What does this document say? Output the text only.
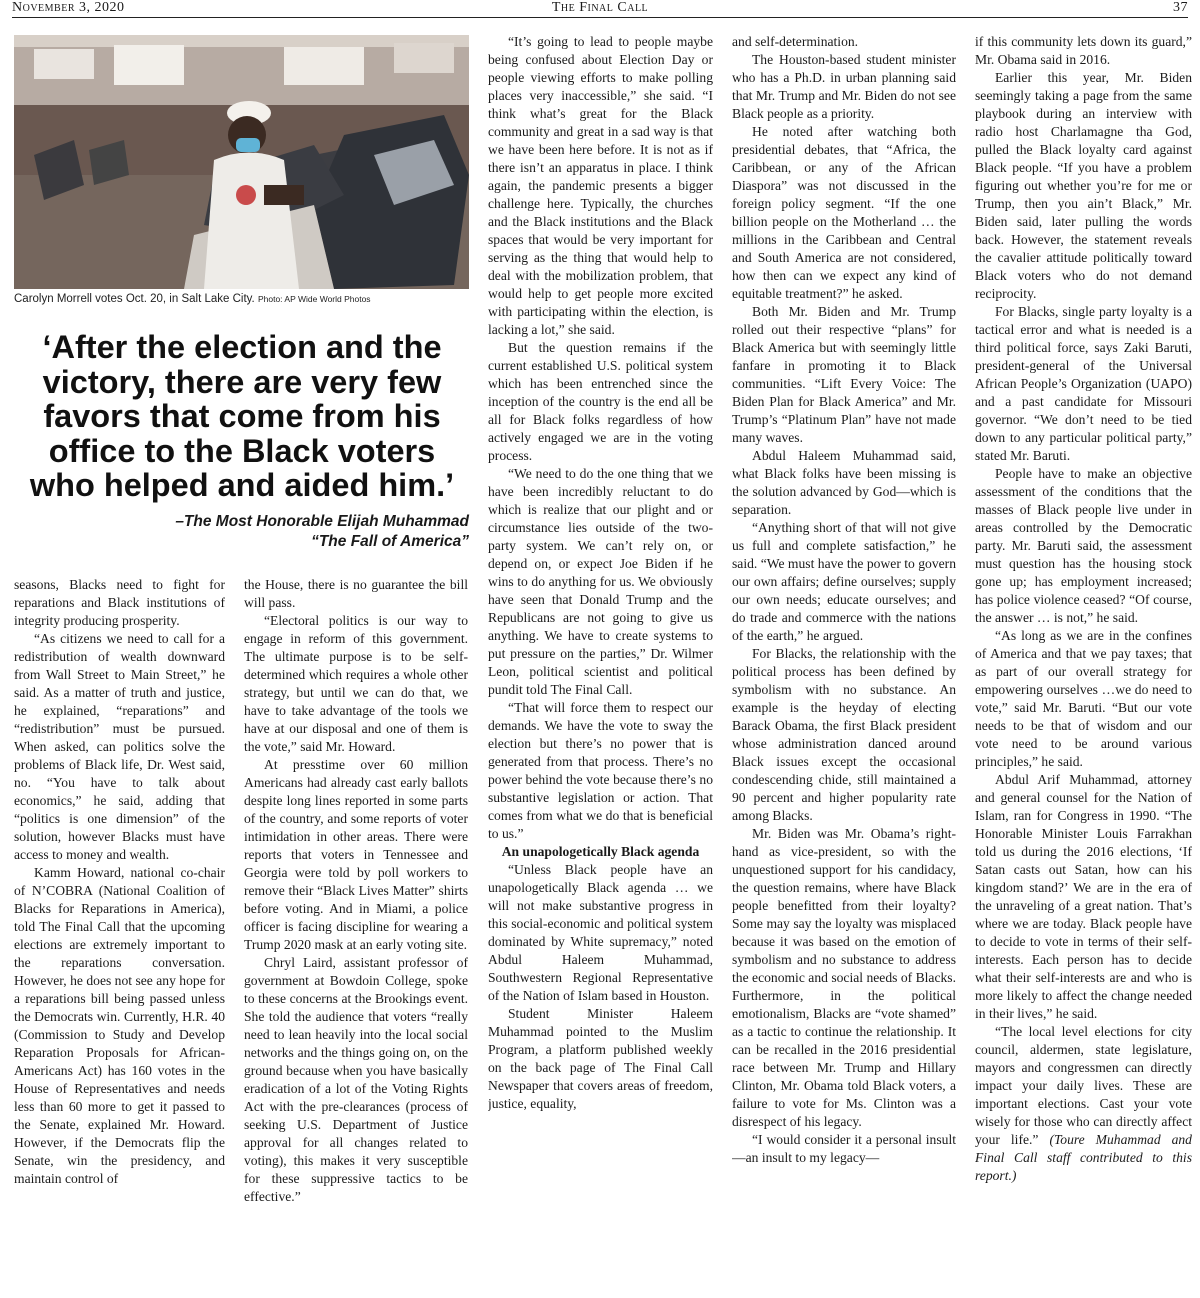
November 3, 2020	The Final Call	37
Carolyn Morrell votes Oct. 20, in Salt Lake City. Photo: AP Wide World Photos
‘After the election and the victory, there are very few favors that come from his office to the Black voters who helped and aided him.’
–The Most Honorable Elijah Muhammad
“The Fall of America”

seasons, Blacks need to fight for reparations and Black institutions of integrity producing prosperity.

“As citizens we need to call for a redistribution of wealth downward from Wall Street to Main Street,” he said. As a matter of truth and justice, he explained, “reparations” and “redistribution” must be pursued. When asked, can politics solve the problems of Black life, Dr. West said, no. “You have to talk about economics,” he said, adding that “politics is one dimension” of the solution, however Blacks must have access to money and wealth.

Kamm Howard, national co-chair of N’COBRA (National Coalition of Blacks for Reparations in America), told The Final Call that the upcoming elections are extremely important to the reparations conversation. However, he does not see any hope for a reparations bill being passed unless the Democrats win. Currently, H.R. 40 (Commission to Study and Develop Reparation Proposals for African-Americans Act) has 160 votes in the House of Representatives and needs less than 60 more to get it passed to the Senate, explained Mr. Howard. However, if the Democrats flip the Senate, win the presidency, and maintain control of

the House, there is no guarantee the bill will pass.

“Electoral politics is our way to engage in reform of this government. The ultimate purpose is to be self-determined which requires a whole other strategy, but until we can do that, we have to take advantage of the tools we have at our disposal and one of them is the vote,” said Mr. Howard.

At presstime over 60 million Americans had already cast early ballots despite long lines reported in some parts of the country, and some reports of voter intimidation in other areas. There were reports that voters in Tennessee and Georgia were told by poll workers to remove their “Black Lives Matter” shirts before voting. And in Miami, a police officer is facing discipline for wearing a Trump 2020 mask at an early voting site.

Chryl Laird, assistant professor of government at Bowdoin College, spoke to these concerns at the Brookings event. She told the audience that voters “really need to lean heavily into the local social networks and the things going on, on the ground because when you have basically eradication of a lot of the Voting Rights Act with the pre-clearances (process of seeking U.S. Department of Justice approval for all changes related to voting), this makes it very susceptible for these suppressive tactics to be effective.”

“It’s going to lead to people maybe being confused about Election Day or people viewing efforts to make polling places very inaccessible,” she said. “I think what’s great for the Black community and great in a sad way is that we have been here before. It is not as if there isn’t an apparatus in place. I think again, the pandemic presents a bigger challenge here. Typically, the churches and the Black institutions and the Black spaces that would be very important for serving as the thing that would help to deal with the mobilization problem, that would help to get people more excited with participating within the election, is lacking a lot,” she said.

But the question remains if the current established U.S. political system which has been entrenched since the inception of the country is the end all be all for Black folks regardless of how actively engaged we are in the voting process.

“We need to do the one thing that we have been incredibly reluctant to do which is realize that our plight and or circumstance lies outside of the two-party system. We can’t rely on, or depend on, or expect Joe Biden if he wins to do anything for us. We obviously have seen that Donald Trump and the Republicans are not going to give us anything. We have to create systems to put pressure on the parties,” Dr. Wilmer Leon, political scientist and political pundit told The Final Call.

“That will force them to respect our demands. We have the vote to sway the election but there’s no power that is generated from that process. There’s no power behind the vote because there’s no substantive legislation or action. That comes from what we do that is beneficial to us.”

An unapologetically Black agenda

“Unless Black people have an unapologetically Black agenda … we will not make substantive progress in this social-economic and political system dominated by White supremacy,” noted Abdul Haleem Muhammad, Southwestern Regional Representative of the Nation of Islam based in Houston.

Student Minister Haleem Muhammad pointed to the Muslim Program, a platform published weekly on the back page of The Final Call Newspaper that covers areas of freedom, justice, equality,

and self-determination.

The Houston-based student minister who has a Ph.D. in urban planning said that Mr. Trump and Mr. Biden do not see Black people as a priority.

He noted after watching both presidential debates, that “Africa, the Caribbean, or any of the African Diaspora” was not discussed in the foreign policy segment. “If the one billion people on the Motherland … the millions in the Caribbean and Central and South America are not considered, how then can we expect any kind of equitable treatment?” he asked.

Both Mr. Biden and Mr. Trump rolled out their respective “plans” for Black America but with seemingly little fanfare in promoting it to Black communities. “Lift Every Voice: The Biden Plan for Black America” and Mr. Trump’s “Platinum Plan” have not made many waves.

Abdul Haleem Muhammad said, what Black folks have been missing is the solution advanced by God—which is separation.

“Anything short of that will not give us full and complete satisfaction,” he said. “We must have the power to govern our own affairs; define ourselves; supply our own needs; educate ourselves; and do trade and commerce with the nations of the earth,” he argued.

For Blacks, the relationship with the political process has been defined by symbolism with no substance. An example is the heyday of electing Barack Obama, the first Black president whose administration danced around Black issues except the occasional condescending chide, still maintained a 90 percent and higher popularity rate among Blacks.

Mr. Biden was Mr. Obama’s right-hand as vice-president, so with the unquestioned support for his candidacy, the question remains, where have Black people benefitted from their loyalty? Some may say the loyalty was misplaced because it was based on the emotion of symbolism and no substance to address the economic and social needs of Blacks. Furthermore, in the political emotionalism, Blacks are “vote shamed” as a tactic to continue the relationship. It can be recalled in the 2016 presidential race between Mr. Trump and Hillary Clinton, Mr. Obama told Black voters, a failure to vote for Ms. Clinton was a disrespect of his legacy.

“I would consider it a personal insult—an insult to my legacy—

if this community lets down its guard,” Mr. Obama said in 2016.

Earlier this year, Mr. Biden seemingly taking a page from the same playbook during an interview with radio host Charlamagne tha God, pulled the Black loyalty card against Black people. “If you have a problem figuring out whether you’re for me or Trump, then you ain’t Black,” Mr. Biden said, later pulling the words back. However, the statement reveals the cavalier attitude politically toward Black voters who do not demand reciprocity.

For Blacks, single party loyalty is a tactical error and what is needed is a third political force, says Zaki Baruti, president-general of the Universal African People’s Organization (UAPO) and a past candidate for Missouri governor. “We don’t need to be tied down to any particular political party,” stated Mr. Baruti.

People have to make an objective assessment of the conditions that the masses of Black people live under in areas controlled by the Democratic party. Mr. Baruti said, the assessment must question has the housing stock gone up; has employment increased; has police violence ceased? “Of course, the answer … is not,” he said.

“As long as we are in the confines of America and that we pay taxes; that as part of our overall strategy for empowering ourselves …we do need to vote,” said Mr. Baruti. “But our vote needs to be that of wisdom and our vote need to be around various principles,” he said.

Abdul Arif Muhammad, attorney and general counsel for the Nation of Islam, ran for Congress in 1990. “The Honorable Minister Louis Farrakhan told us during the 2016 elections, ‘If Satan casts out Satan, how can his kingdom stand?’ We are in the era of the unraveling of a great nation. That’s where we are today. Black people have to decide to vote in terms of their self-interests. Each person has to decide what their self-interests are and who is more likely to affect the change needed in their lives,” he said.

“The local level elections for city council, aldermen, state legislature, mayors and congressmen can directly impact your daily lives. These are important elections. Cast your vote wisely for those who can directly affect your life.” (Toure Muhammad and Final Call staff contributed to this report.)
